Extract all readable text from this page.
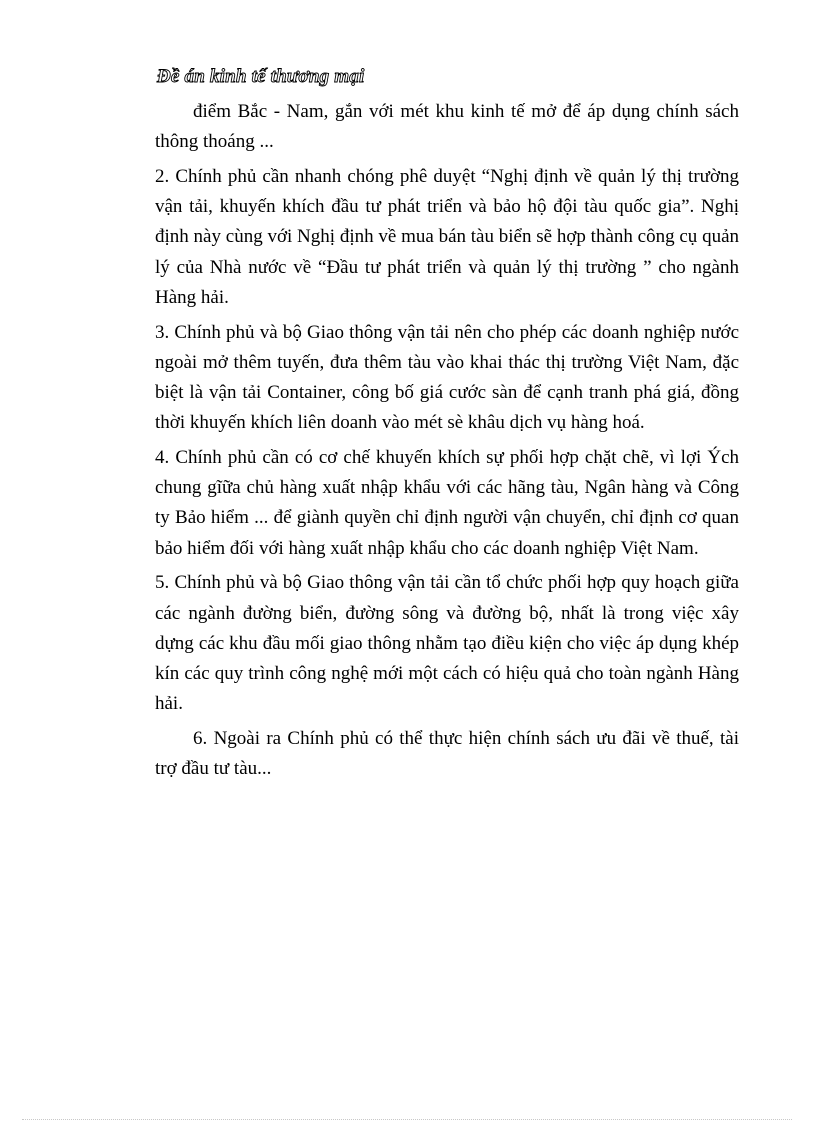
Đề án kinh tế thương mại

điểm Bắc - Nam, gắn với mét khu kinh tế mở để áp dụng chính sách thông thoáng ...

2. Chính phủ cần nhanh chóng phê duyệt “Nghị định về quản lý thị trường vận tải, khuyến khích đầu tư phát triển và bảo hộ đội tàu quốc gia”. Nghị định này cùng với Nghị định về mua bán tàu biển sẽ hợp thành công cụ quản lý của Nhà nước về “Đầu tư phát triển và quản lý thị trường ” cho ngành Hàng hải.

3. Chính phủ và bộ Giao thông vận tải nên cho phép các doanh nghiệp nước ngoài mở thêm tuyến, đưa thêm tàu vào khai thác thị trường Việt Nam, đặc biệt là vận tải Container, công bố giá cước sàn để cạnh tranh phá giá, đồng thời khuyến khích liên doanh vào mét sè khâu dịch vụ hàng hoá.

4. Chính phủ cần có cơ chế khuyến khích sự phối hợp chặt chẽ, vì lợi Ých chung gĩữa chủ hàng xuất nhập khẩu với các hãng tàu, Ngân hàng và Công ty Bảo hiểm ... để giành quyền chỉ định người vận chuyển, chỉ định cơ quan bảo hiểm đối với hàng xuất nhập khẩu cho các doanh nghiệp Việt Nam.

5. Chính phủ và bộ Giao thông vận tải cần tổ chức phối hợp quy hoạch giữa các ngành đường biển, đường sông và đường bộ, nhất là trong việc xây dựng các khu đầu mối giao thông nhằm tạo điều kiện cho việc áp dụng khép kín các quy trình công nghệ mới một cách có hiệu quả cho toàn ngành Hàng hải.

6. Ngoài ra Chính phủ có thể thực hiện chính sách ưu đãi về thuế, tài trợ đầu tư tàu...
